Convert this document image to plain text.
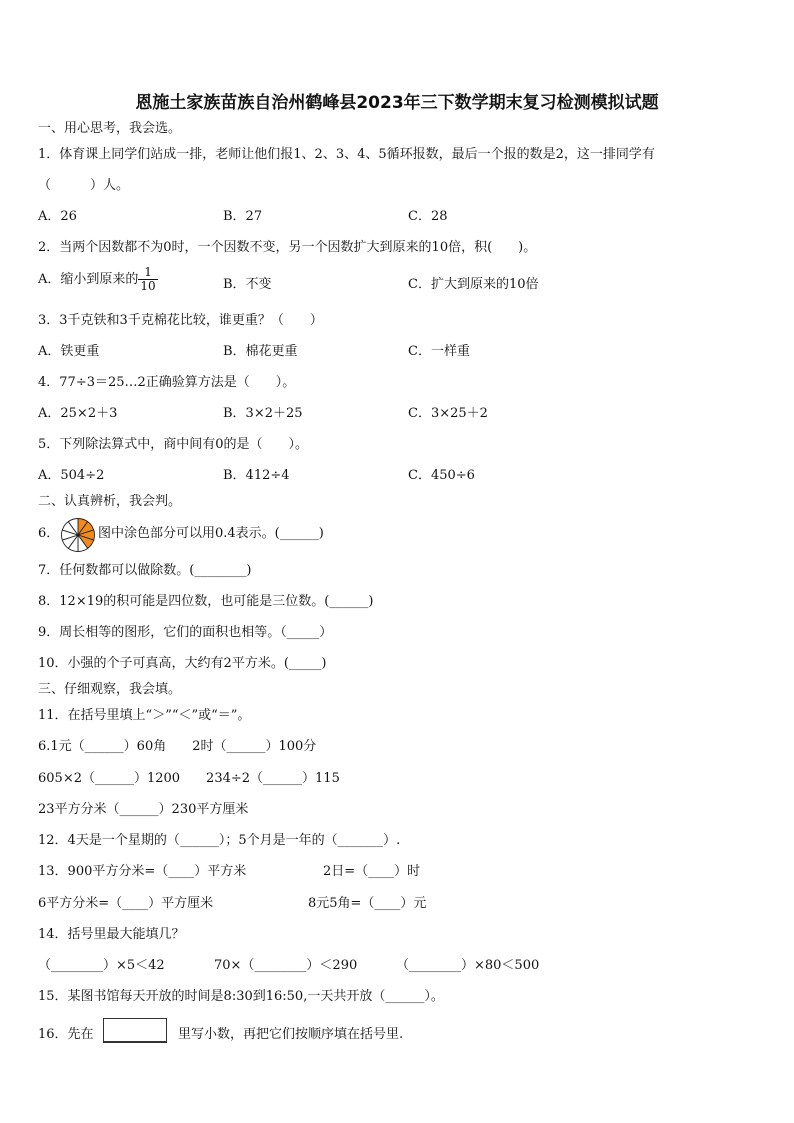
恩施土家族苗族自治州鹤峰县2023年三下数学期末复习检测模拟试题
一、用心思考，我会选。
1．体育课上同学们站成一排，老师让他们报1、2、3、4、5循环报数，最后一个报的数是2，这一排同学有
（　　　）人。
A．26	B．27	C．28
2．当两个因数都不为0时，一个因数不变，另一个因数扩大到原来的10倍，积(　　)。
A．缩小到原来的 $\frac{1}{10}$	B．不变	C．扩大到原来的10倍
3．3千克铁和3千克棉花比较，谁更重？（　　）
A．铁更重	B．棉花更重	C．一样重
4．77÷3＝25…2正确验算方法是（　　）。
A．25×2＋3	B．3×2＋25	C．3×25＋2
5．下列除法算式中，商中间有0的是（　　）。
A．504÷2	B．412÷4	C．450÷6
二、认真辨析，我会判。
6．	图中涂色部分可以用0.4表示。(______)
7．任何数都可以做除数。(________)
8．12×19的积可能是四位数，也可能是三位数。(______)
9．周长相等的图形，它们的面积也相等。（_____）
10．小强的个子可真高，大约有2平方米。(_____)
三、仔细观察，我会填。
11．在括号里填上“＞”“＜”或“＝”。
6.1元（______）60角　　2时（______）100分
605×2（______）1200　　234÷2（______）115
23平方分米（______）230平方厘米
12．4天是一个星期的（______）；5个月是一年的（_______）.
13．900平方分米=（____）平方米	2日=（____）时
6平方分米=（____）平方厘米	8元5角=（____）元
14．括号里最大能填几？
（________）×5＜42	70×（________）＜290	（________）×80＜500
15．某图书馆每天开放的时间是8:30到16:50,一天共开放（______）。
16．先在	里写小数，再把它们按顺序填在括号里.
